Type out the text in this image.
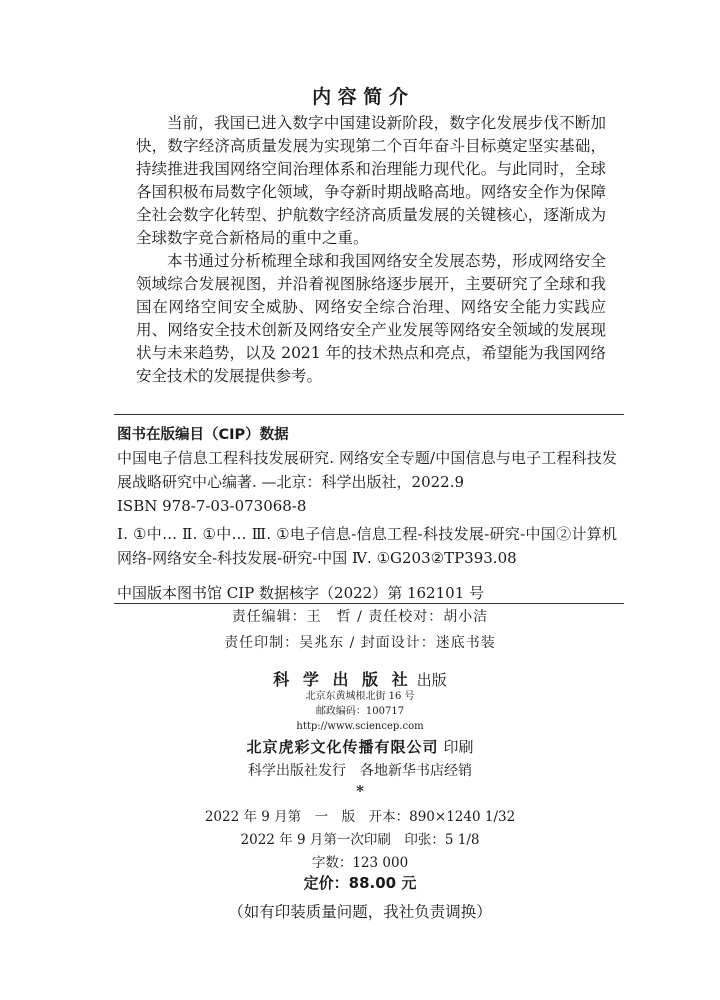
内 容 简 介

当前，我国已进入数字中国建设新阶段，数字化发展步伐不断加快，数字经济高质量发展为实现第二个百年奋斗目标奠定坚实基础，持续推进我国网络空间治理体系和治理能力现代化。与此同时，全球各国积极布局数字化领域，争夺新时期战略高地。网络安全作为保障全社会数字化转型、护航数字经济高质量发展的关键核心，逐渐成为全球数字竞合新格局的重中之重。

本书通过分析梳理全球和我国网络安全发展态势，形成网络安全领域综合发展视图，并沿着视图脉络逐步展开，主要研究了全球和我国在网络空间安全威胁、网络安全综合治理、网络安全能力实践应用、网络安全技术创新及网络安全产业发展等网络安全领域的发展现状与未来趋势，以及 2021 年的技术热点和亮点，希望能为我国网络安全技术的发展提供参考。

图书在版编目（CIP）数据

中国电子信息工程科技发展研究. 网络安全专题/中国信息与电子工程科技发展战略研究中心编著. —北京：科学出版社，2022.9

ISBN 978-7-03-073068-8

Ⅰ. ①中… Ⅱ. ①中… Ⅲ. ①电子信息-信息工程-科技发展-研究-中国②计算机网络-网络安全-科技发展-研究-中国 Ⅳ. ①G203②TP393.08

中国版本图书馆 CIP 数据核字（2022）第 162101 号

责任编辑：王　哲 / 责任校对：胡小洁
责任印制：吴兆东 / 封面设计：迷底书装
科 学 出 版 社 出版
北京东黄城根北街 16 号
邮政编码：100717
http://www.sciencep.com
北京虎彩文化传播有限公司 印刷
科学出版社发行　各地新华书店经销
*
2022 年 9 月第　一　版　开本：890×1240 1/32
2022 年 9 月第一次印刷　印张：5 1/8
字数：123 000
定价：88.00 元
（如有印装质量问题，我社负责调换）
